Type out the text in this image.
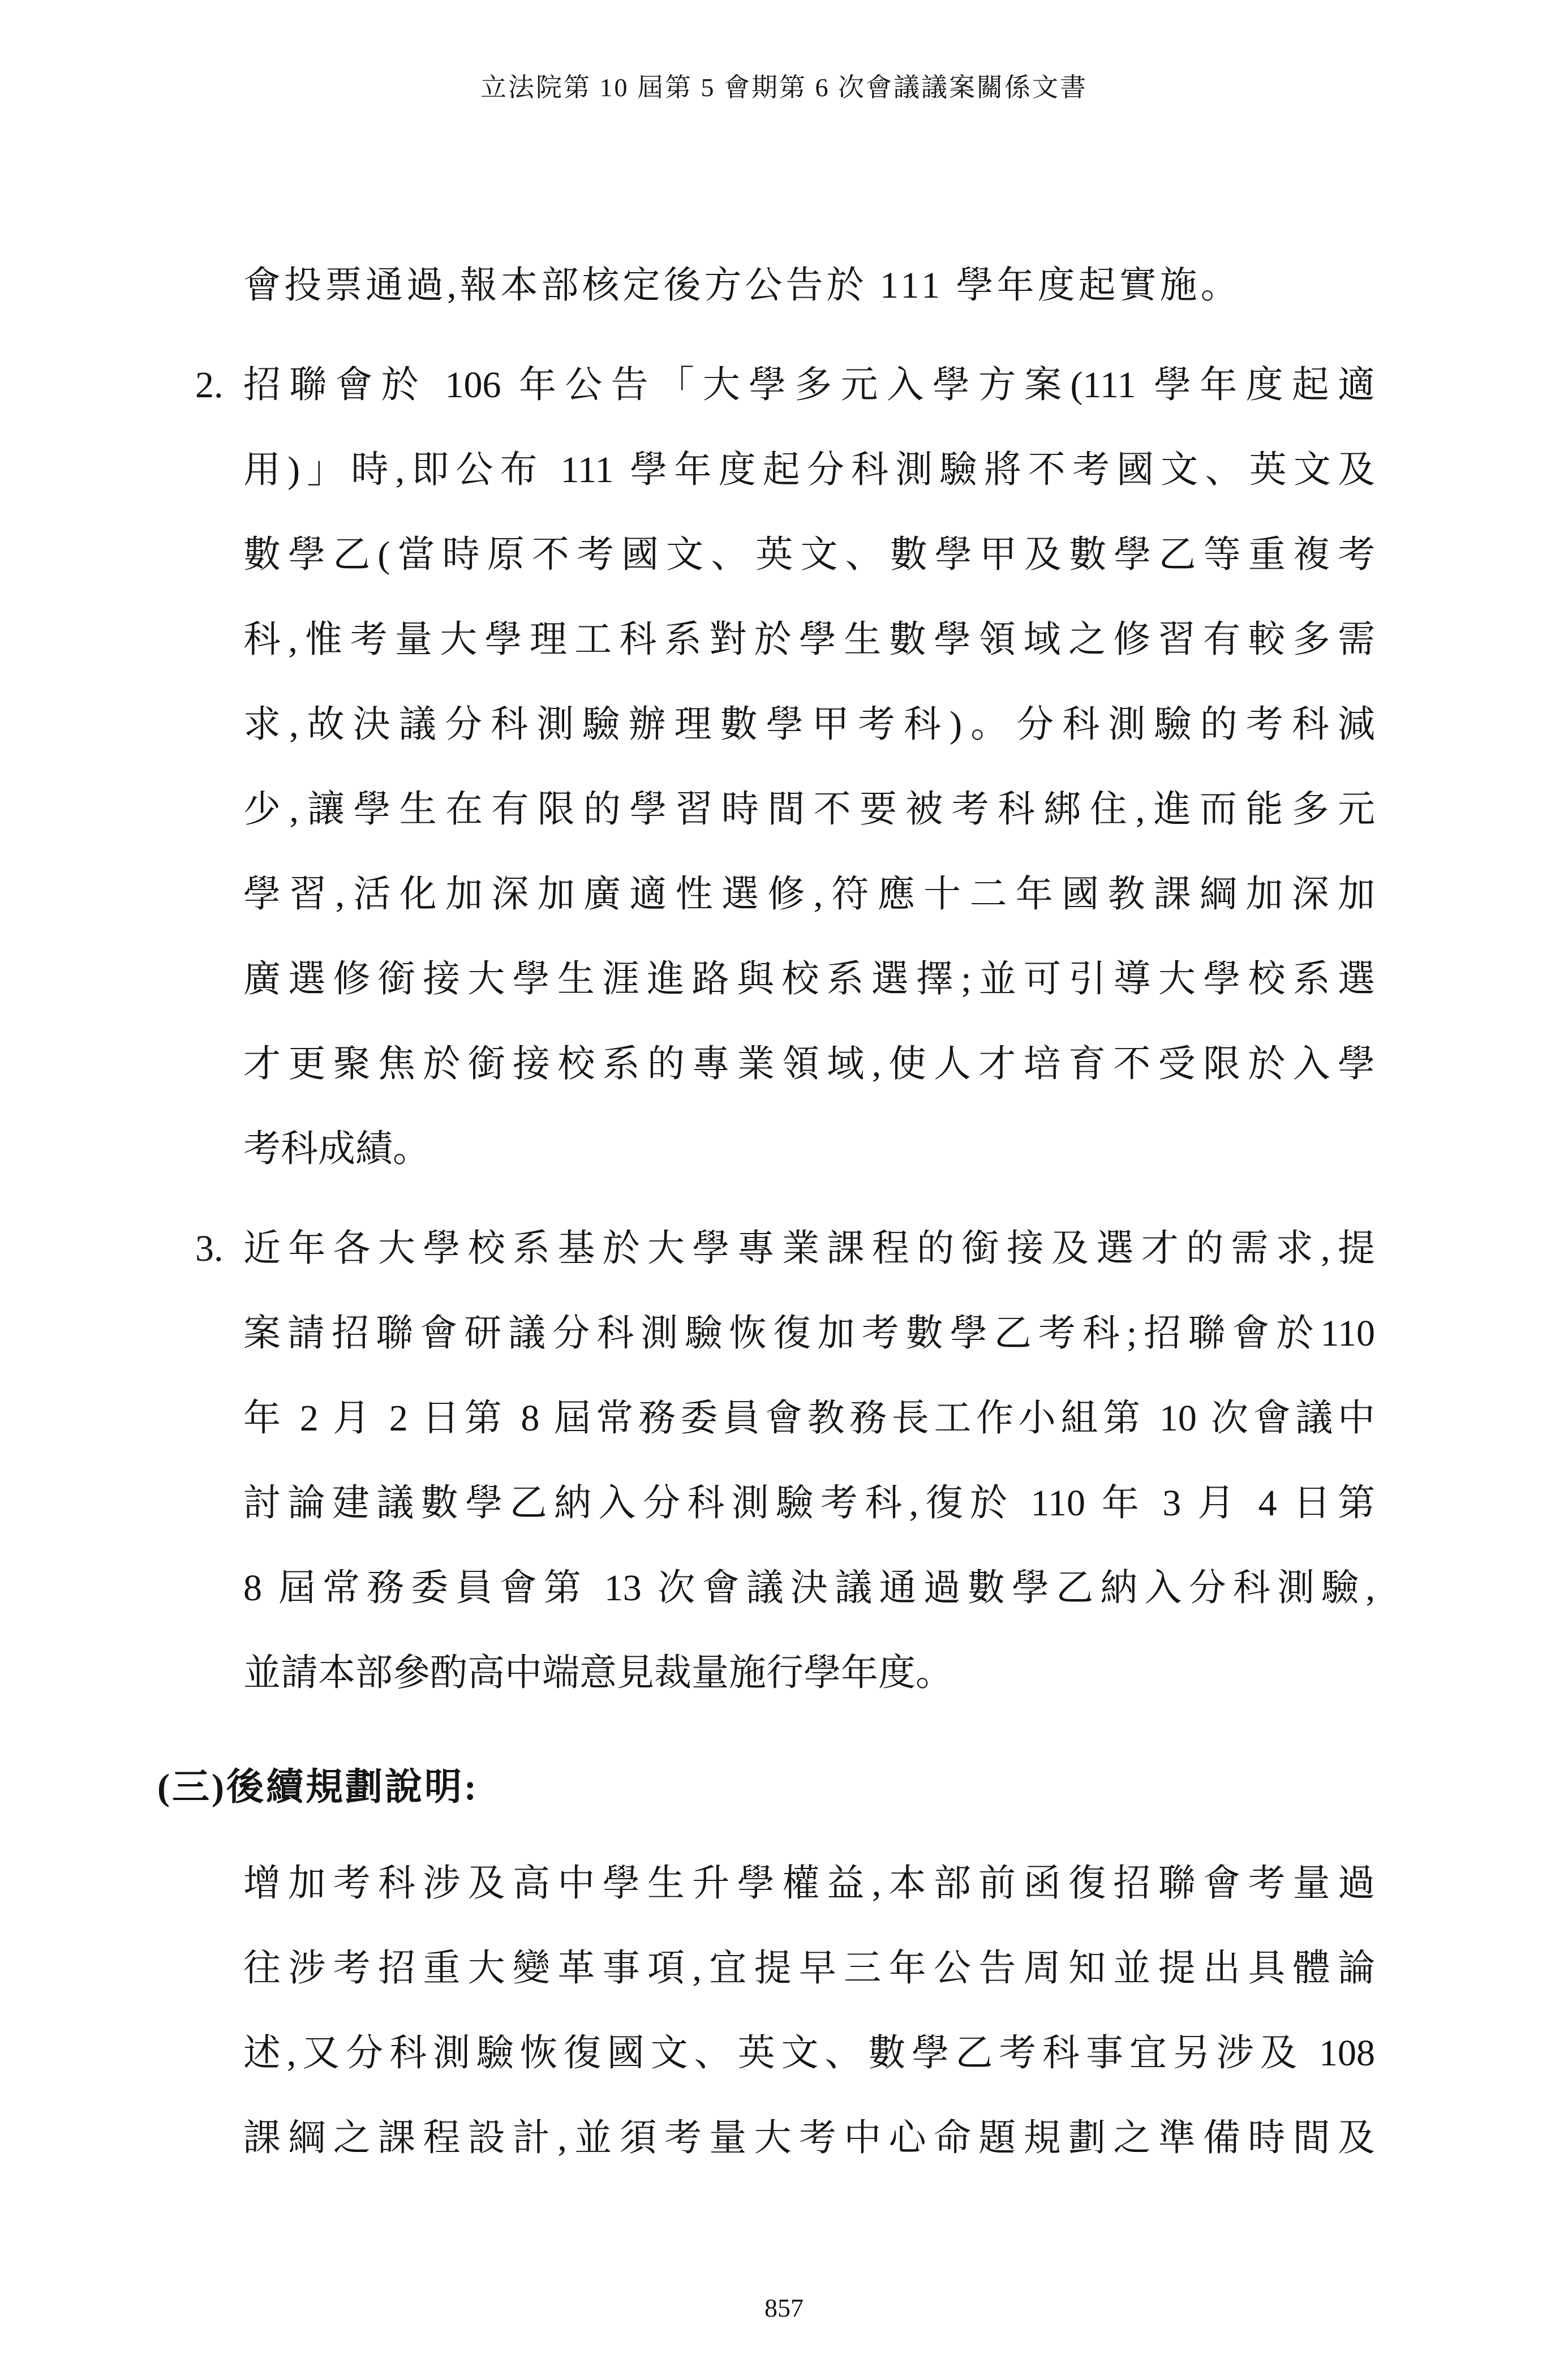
立法院第 10 屆第 5 會期第 6 次會議議案關係文書
會投票通過,報本部核定後方公告於 111 學年度起實施。
2. 招聯會於 106 年公告「大學多元入學方案(111 學年度起適
用)」時,即公布 111 學年度起分科測驗將不考國文、英文及
數學乙(當時原不考國文、英文、數學甲及數學乙等重複考
科,惟考量大學理工科系對於學生數學領域之修習有較多需
求,故決議分科測驗辦理數學甲考科)。分科測驗的考科減
少,讓學生在有限的學習時間不要被考科綁住,進而能多元
學習,活化加深加廣適性選修,符應十二年國教課綱加深加
廣選修銜接大學生涯進路與校系選擇;並可引導大學校系選
才更聚焦於銜接校系的專業領域,使人才培育不受限於入學
考科成績。
3. 近年各大學校系基於大學專業課程的銜接及選才的需求,提
案請招聯會研議分科測驗恢復加考數學乙考科;招聯會於110
年 2 月 2 日第 8 屆常務委員會教務長工作小組第 10 次會議中
討論建議數學乙納入分科測驗考科,復於 110 年 3 月 4 日第
8 屆常務委員會第 13 次會議決議通過數學乙納入分科測驗,
並請本部參酌高中端意見裁量施行學年度。
(三)後續規劃說明:
增加考科涉及高中學生升學權益,本部前函復招聯會考量過
往涉考招重大變革事項,宜提早三年公告周知並提出具體論
述,又分科測驗恢復國文、英文、數學乙考科事宜另涉及 108
課綱之課程設計,並須考量大考中心命題規劃之準備時間及
857
